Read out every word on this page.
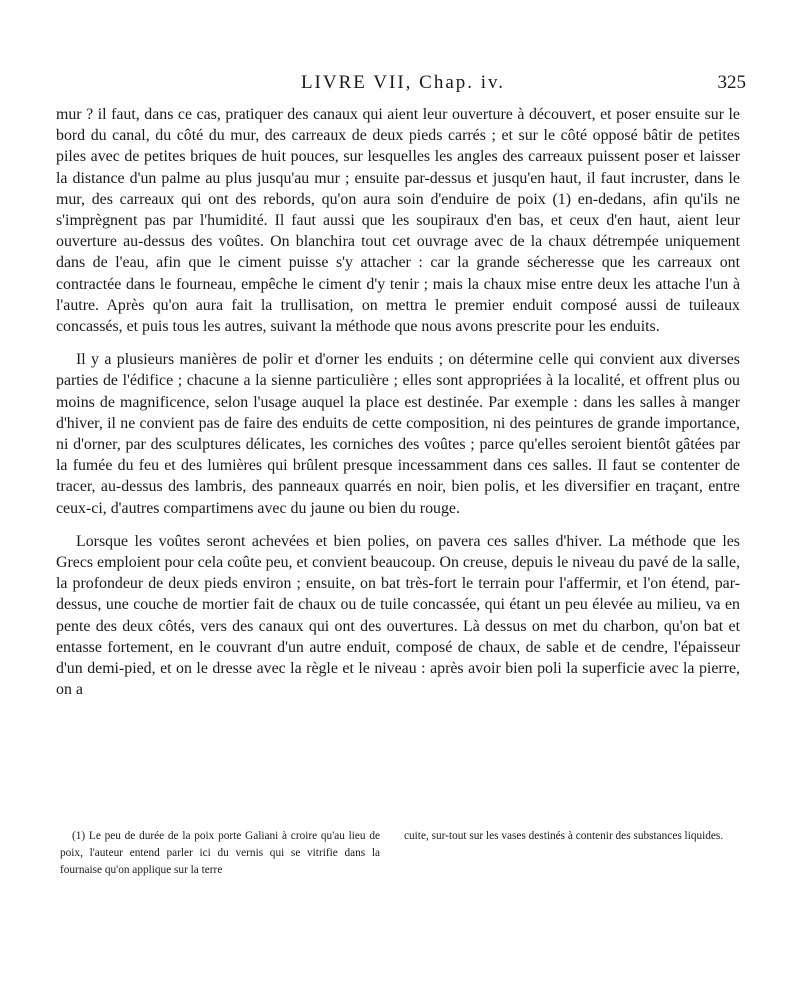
LIVRE VII, Chap. iv.	325

mur ? il faut, dans ce cas, pratiquer des canaux qui aient leur ouverture à découvert, et poser ensuite sur le bord du canal, du côté du mur, des carreaux de deux pieds carrés ; et sur le côté opposé bâtir de petites piles avec de petites briques de huit pouces, sur lesquelles les angles des carreaux puissent poser et laisser la distance d'un palme au plus jusqu'au mur ; ensuite par-dessus et jusqu'en haut, il faut incruster, dans le mur, des carreaux qui ont des rebords, qu'on aura soin d'enduire de poix (1) en-dedans, afin qu'ils ne s'imprègnent pas par l'humidité. Il faut aussi que les soupiraux d'en bas, et ceux d'en haut, aient leur ouverture au-dessus des voûtes. On blanchira tout cet ouvrage avec de la chaux détrempée uniquement dans de l'eau, afin que le ciment puisse s'y attacher : car la grande sécheresse que les carreaux ont contractée dans le fourneau, empêche le ciment d'y tenir ; mais la chaux mise entre deux les attache l'un à l'autre. Après qu'on aura fait la trullisation, on mettra le premier enduit composé aussi de tuileaux concassés, et puis tous les autres, suivant la méthode que nous avons prescrite pour les enduits.

Il y a plusieurs manières de polir et d'orner les enduits ; on détermine celle qui convient aux diverses parties de l'édifice ; chacune a la sienne particulière ; elles sont appropriées à la localité, et offrent plus ou moins de magnificence, selon l'usage auquel la place est destinée. Par exemple : dans les salles à manger d'hiver, il ne convient pas de faire des enduits de cette composition, ni des peintures de grande importance, ni d'orner, par des sculptures délicates, les corniches des voûtes ; parce qu'elles seroient bientôt gâtées par la fumée du feu et des lumières qui brûlent presque incessamment dans ces salles. Il faut se contenter de tracer, au-dessus des lambris, des panneaux quarrés en noir, bien polis, et les diversifier en traçant, entre ceux-ci, d'autres compartimens avec du jaune ou bien du rouge.

Lorsque les voûtes seront achevées et bien polies, on pavera ces salles d'hiver. La méthode que les Grecs emploient pour cela coûte peu, et convient beaucoup. On creuse, depuis le niveau du pavé de la salle, la profondeur de deux pieds environ ; ensuite, on bat très-fort le terrain pour l'affermir, et l'on étend, par-dessus, une couche de mortier fait de chaux ou de tuile concassée, qui étant un peu élevée au milieu, va en pente des deux côtés, vers des canaux qui ont des ouvertures. Là dessus on met du charbon, qu'on bat et entasse fortement, en le couvrant d'un autre enduit, composé de chaux, de sable et de cendre, l'épaisseur d'un demi-pied, et on le dresse avec la règle et le niveau : après avoir bien poli la superficie avec la pierre, on a

(1) Le peu de durée de la poix porte Galiani à croire qu'au lieu de poix, l'auteur entend parler ici du vernis qui se vitrifie dans la fournaise qu'on applique sur la terre

cuite, sur-tout sur les vases destinés à contenir des substances liquides.
